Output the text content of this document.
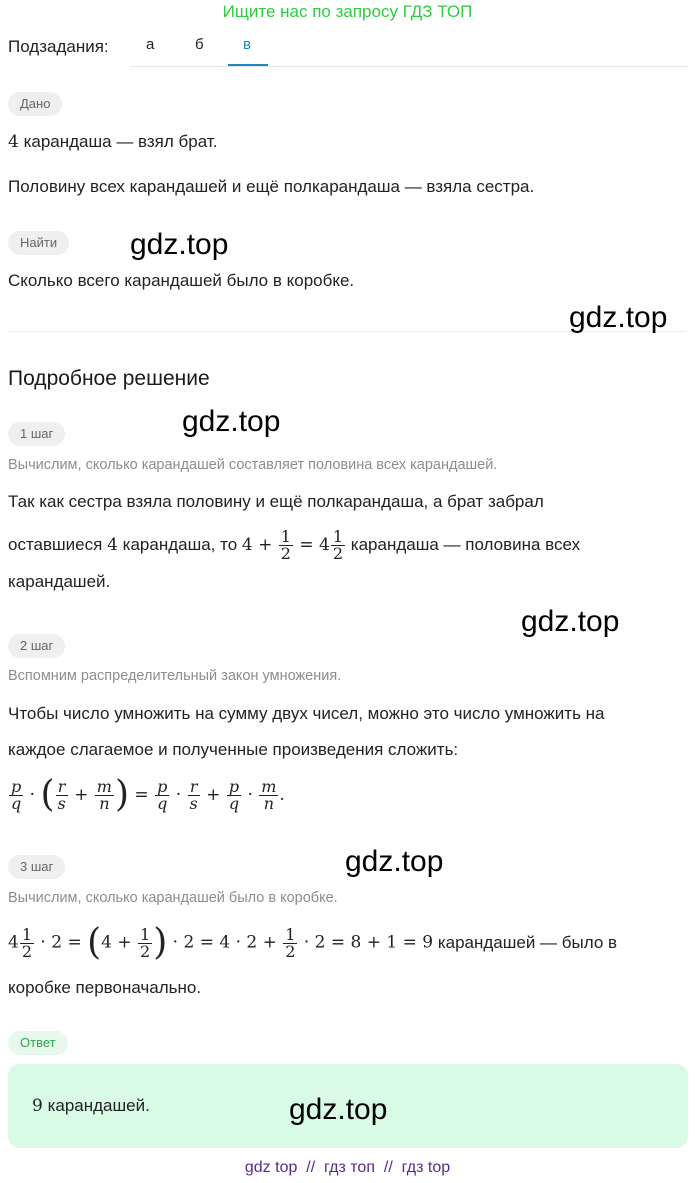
Ищите нас по запросу ГДЗ ТОП
Подзадания: а	б	в
Дано
4 карандаша — взял брат.
Половину всех карандашей и ещё полкарандаша — взяла сестра.
Найти
Сколько всего карандашей было в коробке.
Подробное решение
1 шаг
Вычислим, сколько карандашей составляет половина всех карандашей.
Так как сестра взяла половину и ещё полкарандаша, а брат забрал
оставшиеся
4
карандаша, то
$4 + \frac{1}{2} = 4 \frac{1}{2}$
карандаша — половина всех
карандашей.
2 шаг
Вспомним распределительный закон умножения.
Чтобы число умножить на сумму двух чисел, можно это число умножить на
каждое слагаемое и полученные произведения сложить:
$\frac{p}{q}$ · ( $\frac{r}{s} + \frac{m}{n}$ ) = $\frac{p}{q} \cdot \frac{r}{s} + \frac{p}{q} \cdot \frac{m}{n}$ .
3 шаг
Вычислим, сколько карандашей было в коробке.
$4 \frac{1}{2} \cdot 2 = (4 + \frac{1}{2}$ ) · $2 = 4 \cdot 2 + \frac{1}{2} \cdot 2 = 8 + 1 = 9$
карандашей — было в
коробке первоначально.
Ответ
9 карандашей.
gdz.top
gdz.top
gdz.top
gdz.top
gdz.top
gdz.top
gdz top  //  гдз топ  //  гдз top
